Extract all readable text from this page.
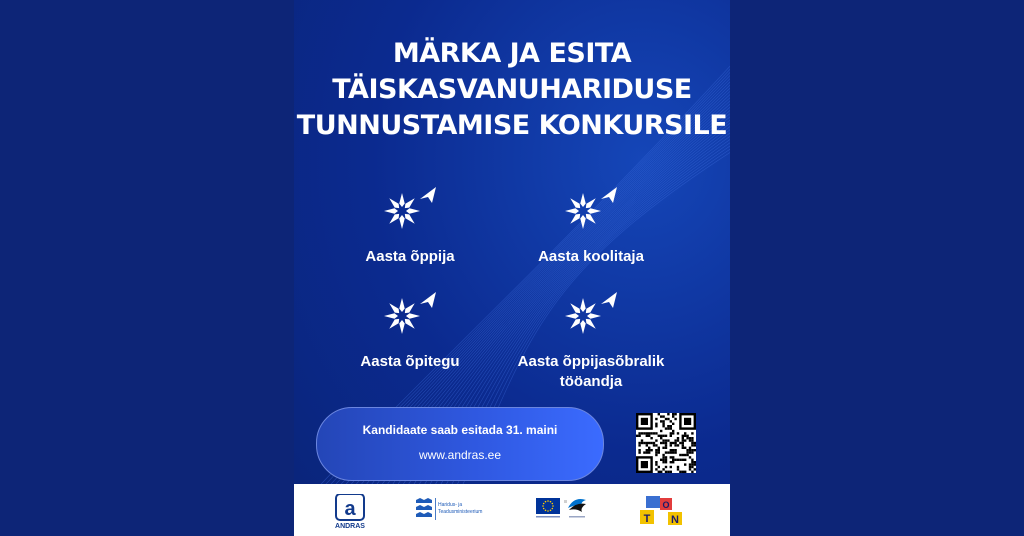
MÄRKA JA ESITA
TÄISKASVANUHARIDUSE
TUNNUSTAMISE KONKURSILE
Aasta õppija	Aasta koolitaja
Aasta õpitegu	Aasta õppijasõbralik
tööandja
Kandidaate saab esitada 31. maini
www.andras.ee
a
ANDRAS
Haridus- ja
Teadusministeerium
T
O
N
